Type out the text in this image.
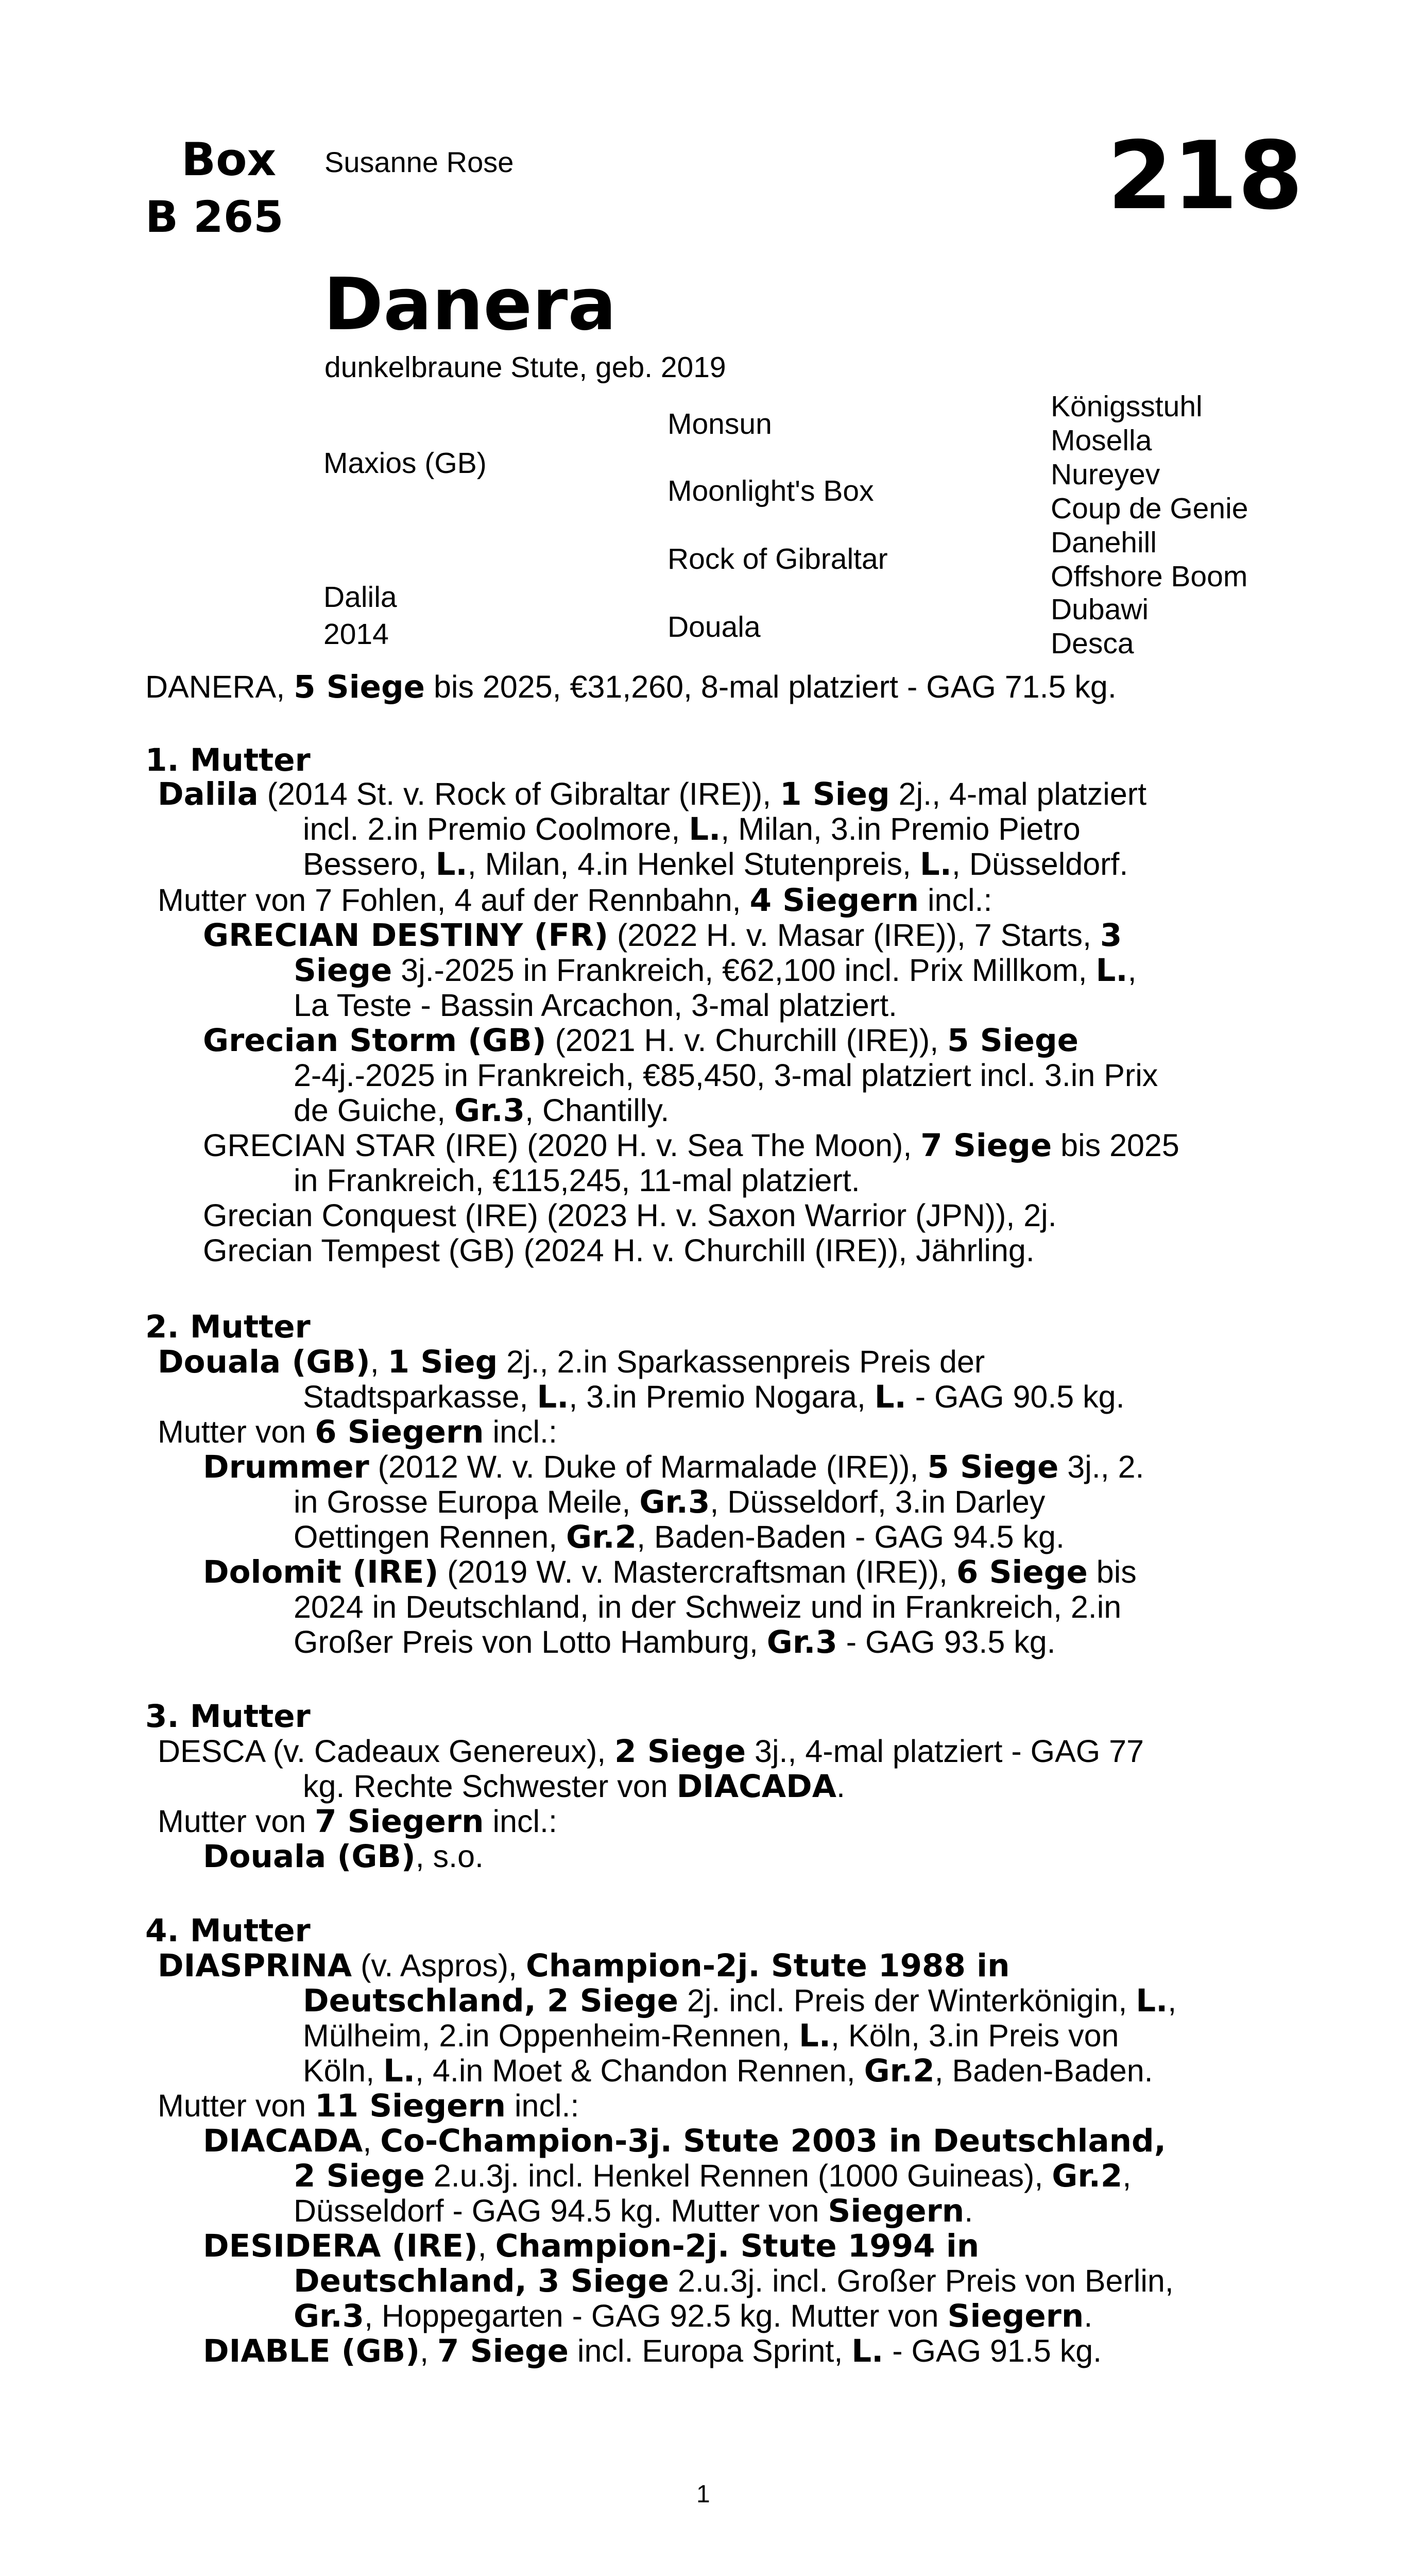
Box
B 265
Susanne Rose	218
Danera
dunkelbraune Stute, geb. 2019
Maxios (GB)
Dalila
2014
Monsun
Moonlight's Box
Rock of Gibraltar
Douala
Königsstuhl
Mosella
Nureyev
Coup de Genie
Danehill
Offshore Boom
Dubawi
Desca
DANERA, 5 Siege bis 2025, €31,260, 8-mal platziert - GAG 71.5 kg.
1. Mutter
Dalila (2014 St. v. Rock of Gibraltar (IRE)), 1 Sieg 2j., 4-mal platziert
incl. 2.in Premio Coolmore, L., Milan, 3.in Premio Pietro
Bessero, L., Milan, 4.in Henkel Stutenpreis, L., Düsseldorf.
Mutter von 7 Fohlen, 4 auf der Rennbahn, 4 Siegern incl.:
GRECIAN DESTINY (FR) (2022 H. v. Masar (IRE)), 7 Starts, 3
Siege 3j.-2025 in Frankreich, €62,100 incl. Prix Millkom, L.,
La Teste - Bassin Arcachon, 3-mal platziert.
Grecian Storm (GB) (2021 H. v. Churchill (IRE)), 5 Siege
2-4j.-2025 in Frankreich, €85,450, 3-mal platziert incl. 3.in Prix
de Guiche, Gr.3, Chantilly.
GRECIAN STAR (IRE) (2020 H. v. Sea The Moon), 7 Siege bis 2025
in Frankreich, €115,245, 11-mal platziert.
Grecian Conquest (IRE) (2023 H. v. Saxon Warrior (JPN)), 2j.
Grecian Tempest (GB) (2024 H. v. Churchill (IRE)), Jährling.
2. Mutter
Douala (GB), 1 Sieg 2j., 2.in Sparkassenpreis Preis der
Stadtsparkasse, L., 3.in Premio Nogara, L. - GAG 90.5 kg.
Mutter von 6 Siegern incl.:
Drummer (2012 W. v. Duke of Marmalade (IRE)), 5 Siege 3j., 2.
in Grosse Europa Meile, Gr.3, Düsseldorf, 3.in Darley
Oettingen Rennen, Gr.2, Baden-Baden - GAG 94.5 kg.
Dolomit (IRE) (2019 W. v. Mastercraftsman (IRE)), 6 Siege bis
2024 in Deutschland, in der Schweiz und in Frankreich, 2.in
Großer Preis von Lotto Hamburg, Gr.3 - GAG 93.5 kg.
3. Mutter
DESCA (v. Cadeaux Genereux), 2 Siege 3j., 4-mal platziert - GAG 77
kg. Rechte Schwester von DIACADA.
Mutter von 7 Siegern incl.:
Douala (GB), s.o.
4. Mutter
DIASPRINA (v. Aspros), Champion-2j. Stute 1988 in
Deutschland, 2 Siege 2j. incl. Preis der Winterkönigin, L.,
Mülheim, 2.in Oppenheim-Rennen, L., Köln, 3.in Preis von
Köln, L., 4.in Moet & Chandon Rennen, Gr.2, Baden-Baden.
Mutter von 11 Siegern incl.:
DIACADA, Co-Champion-3j. Stute 2003 in Deutschland,
2 Siege 2.u.3j. incl. Henkel Rennen (1000 Guineas), Gr.2,
Düsseldorf - GAG 94.5 kg. Mutter von Siegern.
DESIDERA (IRE), Champion-2j. Stute 1994 in
Deutschland, 3 Siege 2.u.3j. incl. Großer Preis von Berlin,
Gr.3, Hoppegarten - GAG 92.5 kg. Mutter von Siegern.
DIABLE (GB), 7 Siege incl. Europa Sprint, L. - GAG 91.5 kg.
1
